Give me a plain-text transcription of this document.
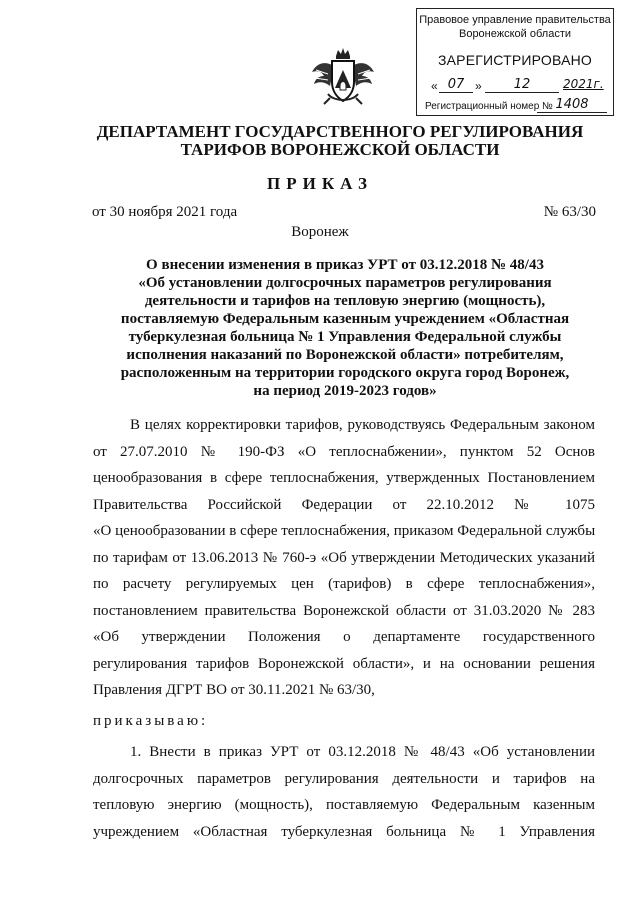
Правовое управление правительства
Воронежской области
ЗАРЕГИСТРИРОВАНО
« 07 »	12	2021г.
Регистрационный номер № 1408
ДЕПАРТАМЕНТ ГОСУДАРСТВЕННОГО РЕГУЛИРОВАНИЯ
ТАРИФОВ ВОРОНЕЖСКОЙ ОБЛАСТИ
ПРИКАЗ
от 30 ноября 2021 года	№ 63/30
Воронеж
О внесении изменения в приказ УРТ от 03.12.2018 № 48/43
«Об установлении долгосрочных параметров регулирования
деятельности и тарифов на тепловую энергию (мощность),
поставляемую Федеральным казенным учреждением «Областная
туберкулезная больница № 1 Управления Федеральной службы
исполнения наказаний по Воронежской области» потребителям,
расположенным на территории городского округа город Воронеж,
на период 2019-2023 годов»
В целях корректировки тарифов, руководствуясь Федеральным законом
от 27.07.2010 № 190-ФЗ «О теплоснабжении», пунктом 52 Основ
ценообразования в сфере теплоснабжения, утвержденных Постановлением
Правительства Российской Федерации от 22.10.2012 № 1075
«О ценообразовании в сфере теплоснабжения, приказом Федеральной службы
по тарифам от 13.06.2013 № 760-э «Об утверждении Методических указаний
по расчету регулируемых цен (тарифов) в сфере теплоснабжения»,
постановлением правительства Воронежской области от 31.03.2020 № 283
«Об утверждении Положения о департаменте государственного
регулирования тарифов Воронежской области», и на основании решения
Правления ДГРТ ВО от 30.11.2021 № 63/30,
приказываю:
1. Внести в приказ УРТ от 03.12.2018 № 48/43 «Об установлении
долгосрочных параметров регулирования деятельности и тарифов на
тепловую энергию (мощность), поставляемую Федеральным казенным
учреждением «Областная туберкулезная больница № 1 Управления
